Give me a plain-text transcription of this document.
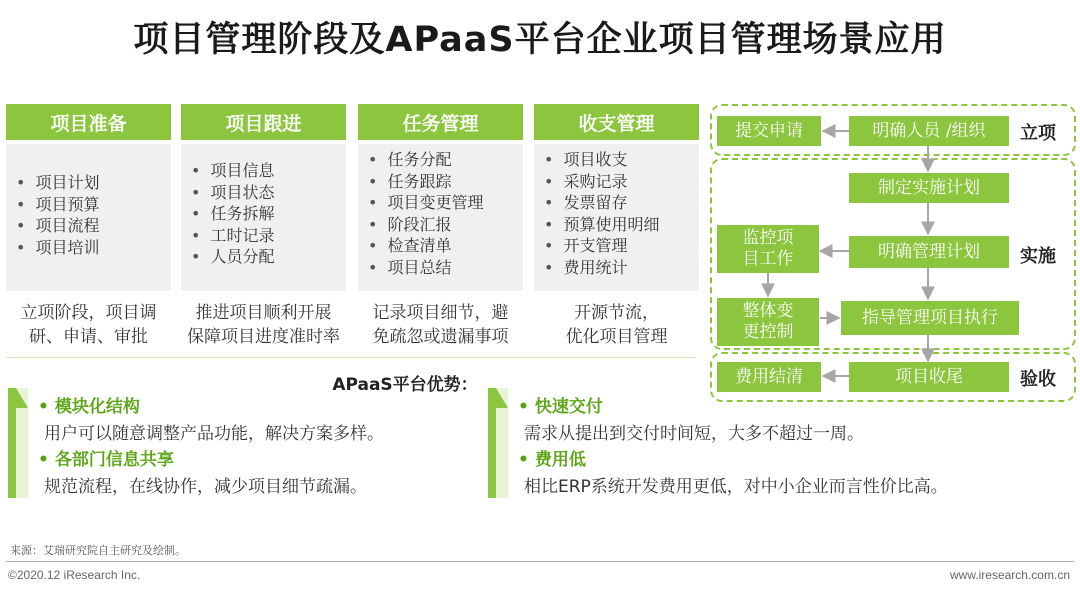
项目管理阶段及APaaS平台企业项目管理场景应用
项目准备
• 项目计划
• 项目预算
• 项目流程
• 项目培训
立项阶段，项目调
研、申请、审批
项目跟进
• 项目信息
• 项目状态
• 任务拆解
• 工时记录
• 人员分配
推进项目顺利开展
保障项目进度准时率
任务管理
• 任务分配
• 任务跟踪
• 项目变更管理
• 阶段汇报
• 检查清单
• 项目总结
记录项目细节，避
免疏忽或遗漏事项
收支管理
• 项目收支
• 采购记录
• 发票留存
• 预算使用明细
• 开支管理
• 费用统计
开源节流，
优化项目管理
APaaS平台优势：
• 模块化结构
用户可以随意调整产品功能，解决方案多样。
• 各部门信息共享
规范流程，在线协作，减少项目细节疏漏。
• 快速交付
需求从提出到交付时间短，大多不超过一周。
• 费用低
相比ERP系统开发费用更低，对中小企业而言性价比高。
提交申请	明确人员 /组织 立项
制定实施计划
监控项
目工作	明确管理计划 实施
整体变
更控制
指导管理项目执行
费用结清	项目收尾	验收
来源：艾瑞研究院自主研究及绘制。
©2020.12 iResearch Inc.	www.iresearch.com.cn
